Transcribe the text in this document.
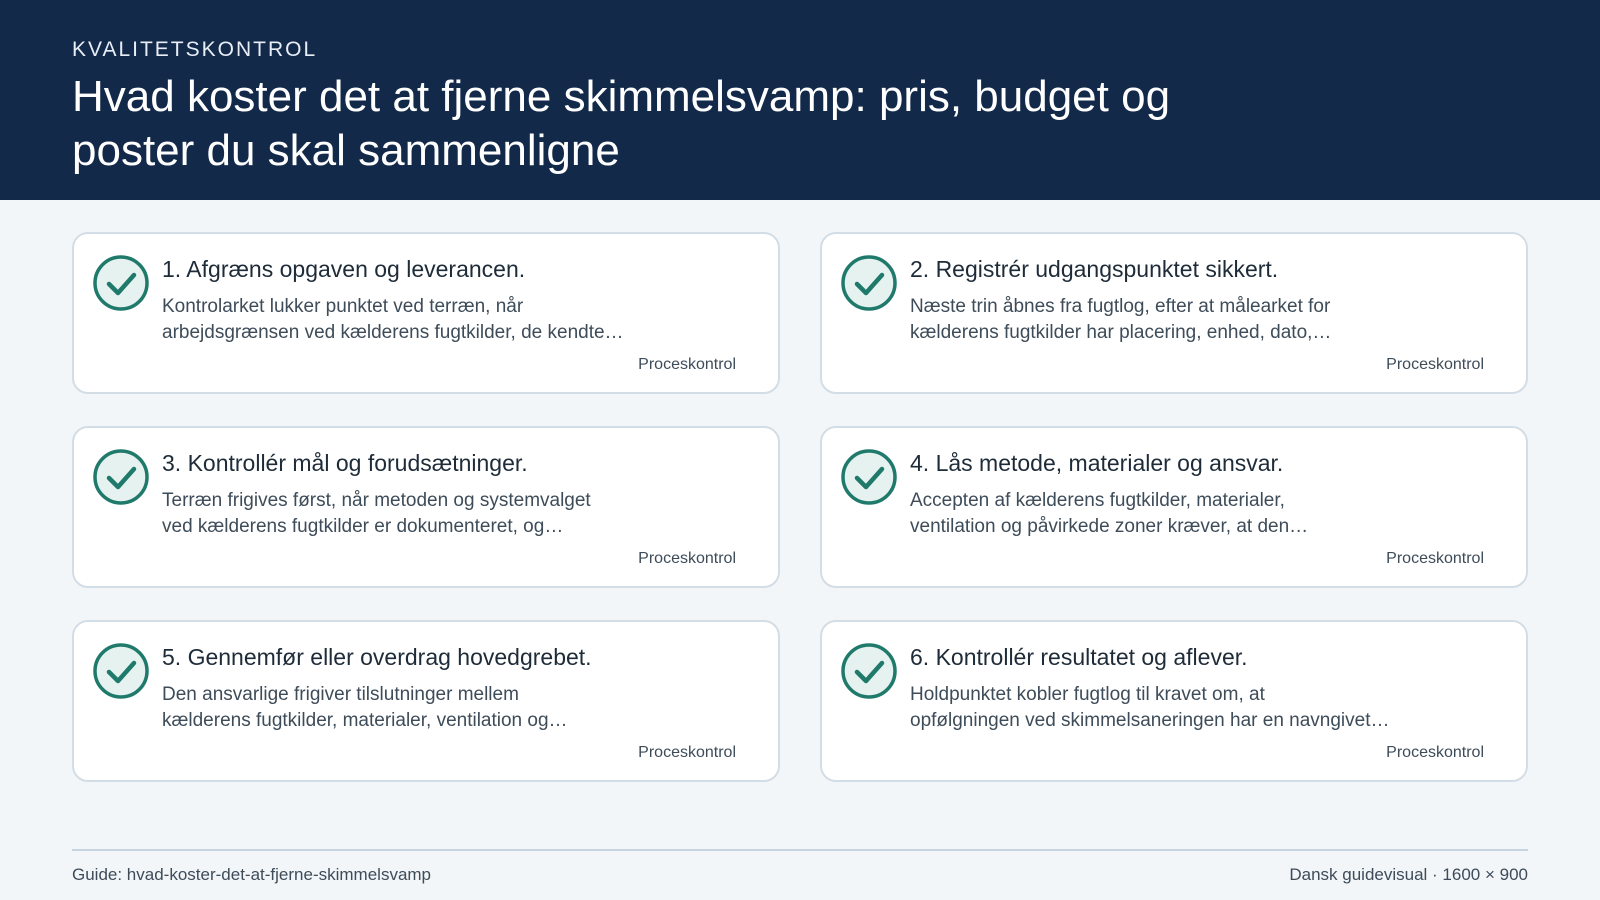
KVALITETSKONTROL
Hvad koster det at fjerne skimmelsvamp: pris, budget og poster du skal sammenligne
1. Afgræns opgaven og leverancen.
Kontrolarket lukker punktet ved terræn, når
arbejdsgrænsen ved kælderens fugtkilder, de kendte…
Proceskontrol
2. Registrér udgangspunktet sikkert.
Næste trin åbnes fra fugtlog, efter at målearket for
kælderens fugtkilder har placering, enhed, dato,…
Proceskontrol
3. Kontrollér mål og forudsætninger.
Terræn frigives først, når metoden og systemvalget
ved kælderens fugtkilder er dokumenteret, og…
Proceskontrol
4. Lås metode, materialer og ansvar.
Accepten af kælderens fugtkilder, materialer,
ventilation og påvirkede zoner kræver, at den…
Proceskontrol
5. Gennemfør eller overdrag hovedgrebet.
Den ansvarlige frigiver tilslutninger mellem
kælderens fugtkilder, materialer, ventilation og…
Proceskontrol
6. Kontrollér resultatet og aflever.
Holdpunktet kobler fugtlog til kravet om, at
opfølgningen ved skimmelsaneringen har en navngivet…
Proceskontrol
Guide: hvad-koster-det-at-fjerne-skimmelsvamp	Dansk guidevisual · 1600 × 900
